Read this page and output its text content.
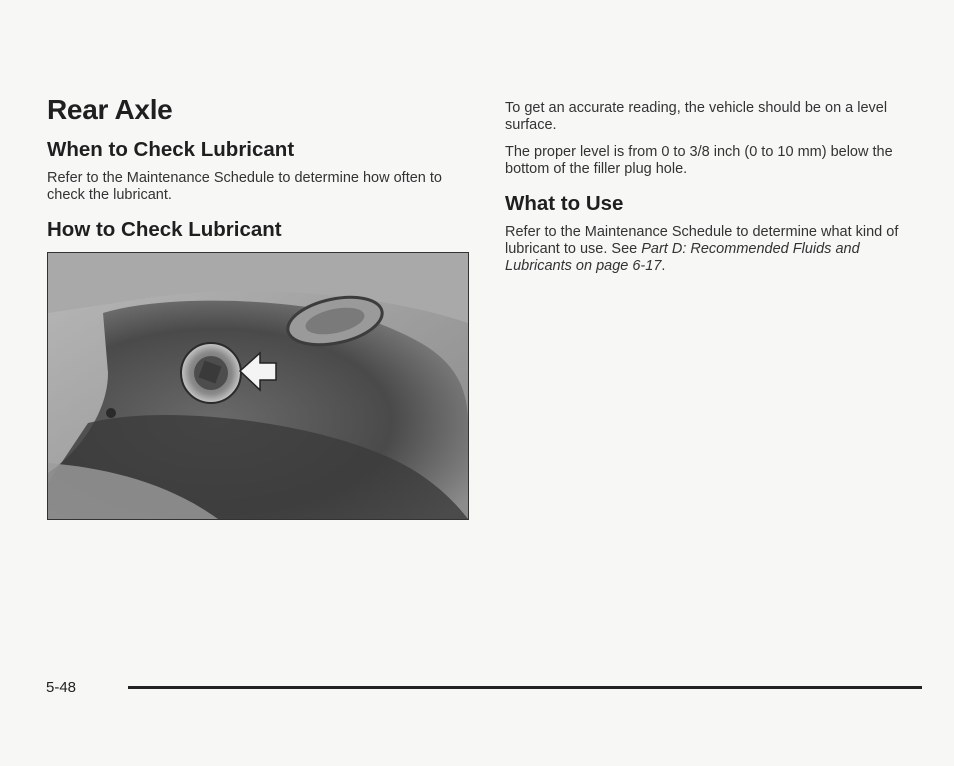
Rear Axle
When to Check Lubricant

Refer to the Maintenance Schedule to determine how often to check the lubricant.

How to Check Lubricant

To get an accurate reading, the vehicle should be on a level surface.

The proper level is from 0 to 3/8 inch (0 to 10 mm) below the bottom of the filler plug hole.

What to Use

Refer to the Maintenance Schedule to determine what kind of lubricant to use. See Part D: Recommended Fluids and Lubricants on page 6-17.

5-48
